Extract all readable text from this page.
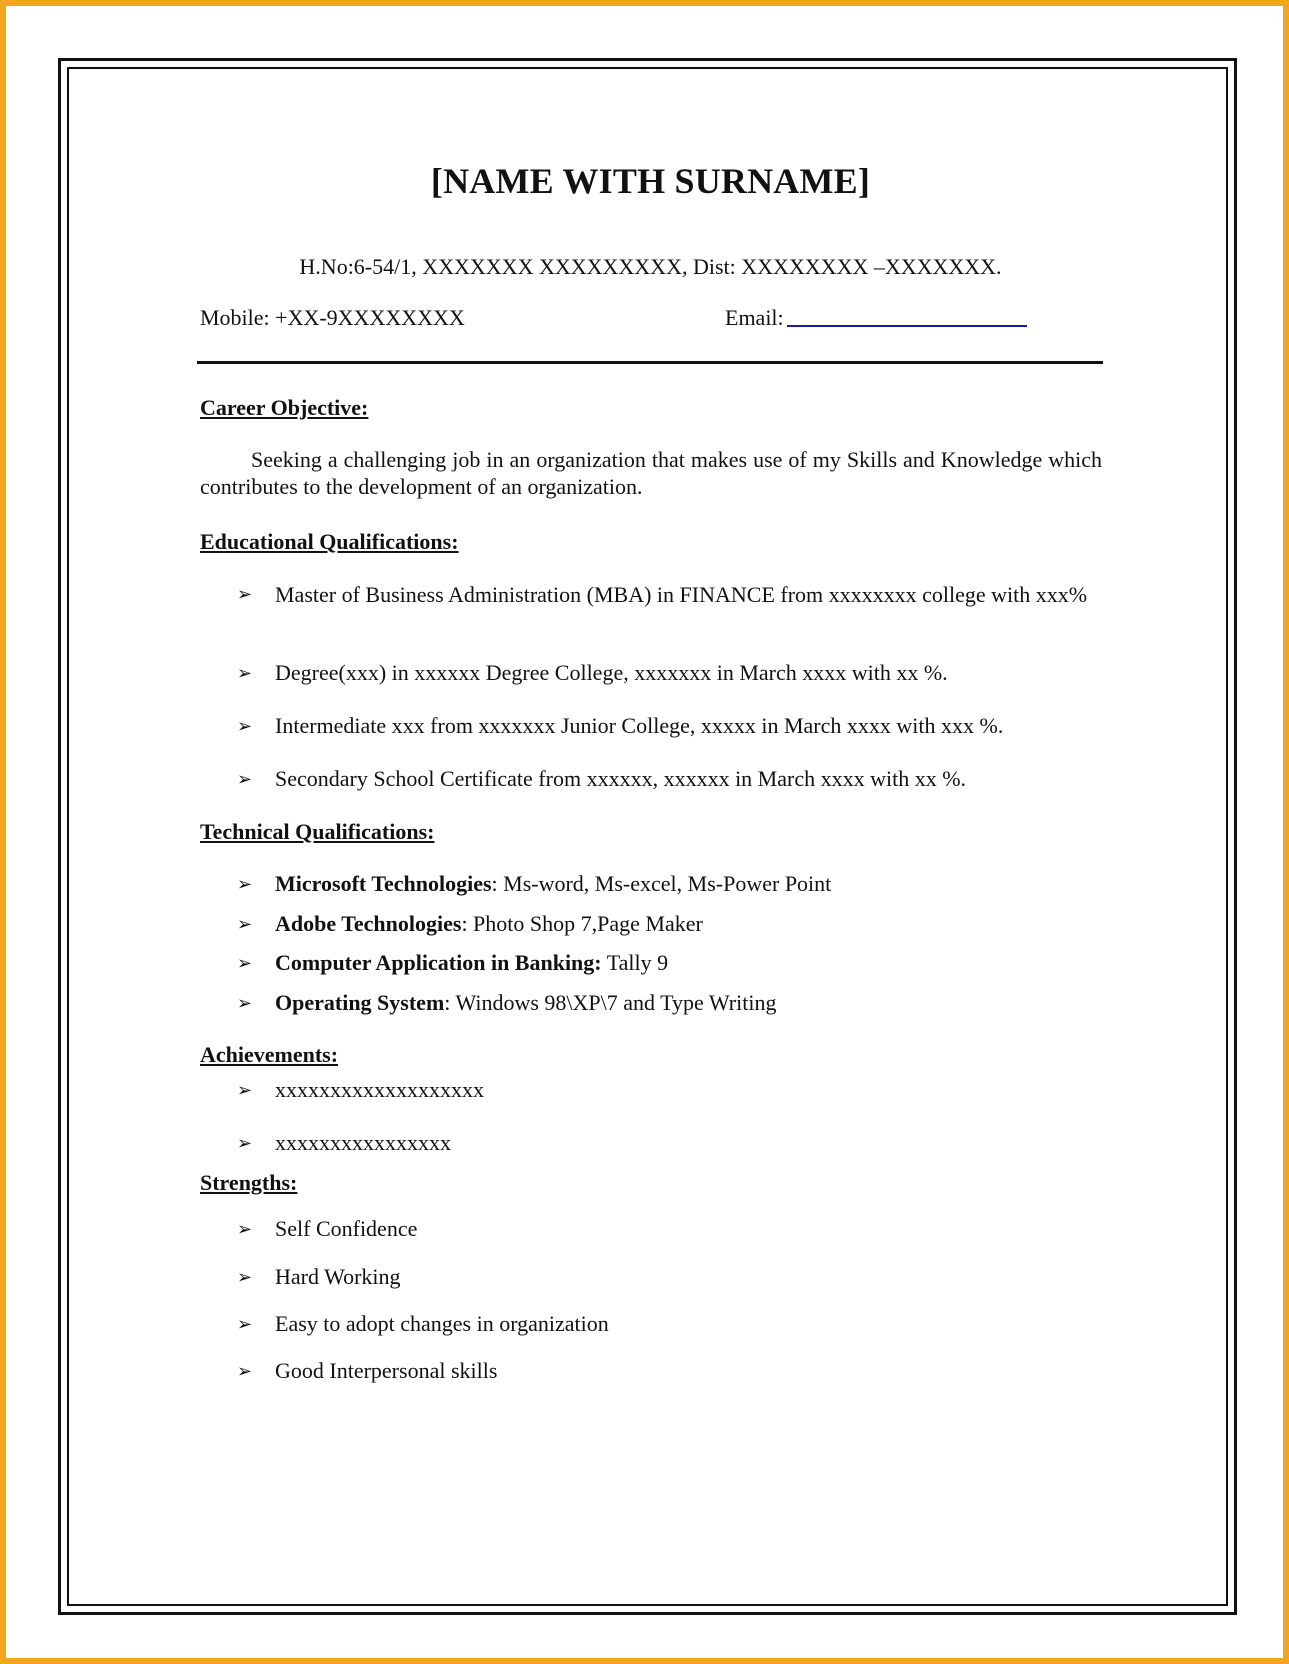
[NAME WITH SURNAME]
H.No:6-54/1, XXXXXXX XXXXXXXXX, Dist: XXXXXXXX –XXXXXXX.
Mobile: +XX-9XXXXXXXX	Email:
Career Objective:
Seeking a challenging job in an organization that makes use of my Skills and Knowledge which contributes to the development of an organization.
Educational Qualifications:
➢ Master of Business Administration (MBA) in FINANCE from xxxxxxxx college with xxx%
➢ Degree(xxx) in xxxxxx Degree College, xxxxxxx in March xxxx with xx %.
➢ Intermediate xxx from xxxxxxx Junior College, xxxxx in March xxxx with xxx %.
➢ Secondary School Certificate from xxxxxx, xxxxxx in March xxxx with xx %.
Technical Qualifications:
➢ Microsoft Technologies: Ms-word, Ms-excel, Ms-Power Point
➢ Adobe Technologies: Photo Shop 7,Page Maker
➢ Computer Application in Banking: Tally 9
➢ Operating System: Windows 98\XP\7 and Type Writing
Achievements:
➢ xxxxxxxxxxxxxxxxxxx
➢ xxxxxxxxxxxxxxxx
Strengths:
➢ Self Confidence
➢ Hard Working
➢ Easy to adopt changes in organization
➢ Good Interpersonal skills
